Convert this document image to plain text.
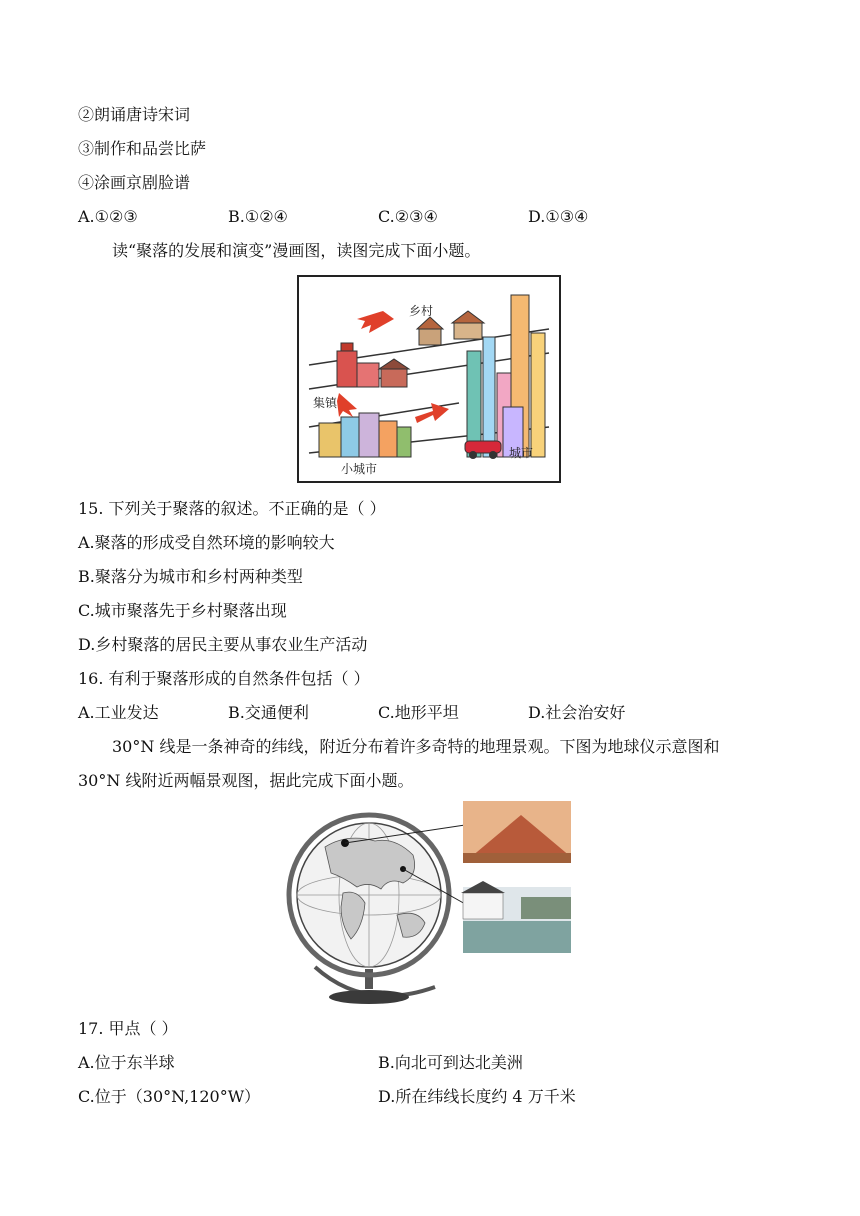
②朗诵唐诗宋词
③制作和品尝比萨
④涂画京剧脸谱
A.①②③	B.①②④	C.②③④	D.①③④
读“聚落的发展和演变”漫画图，读图完成下面小题。
乡村
集镇
小城市
城市
15. 下列关于聚落的叙述。不正确的是（ ）
A.聚落的形成受自然环境的影响较大
B.聚落分为城市和乡村两种类型
C.城市聚落先于乡村聚落出现
D.乡村聚落的居民主要从事农业生产活动
16. 有利于聚落形成的自然条件包括（ ）
A.工业发达	B.交通便利	C.地形平坦	D.社会治安好
30°N 线是一条神奇的纬线，附近分布着许多奇特的地理景观。下图为地球仪示意图和
30°N 线附近两幅景观图，据此完成下面小题。
17. 甲点（ ）
A.位于东半球	B.向北可到达北美洲
C.位于（30°N,120°W）	D.所在纬线长度约 4 万千米
